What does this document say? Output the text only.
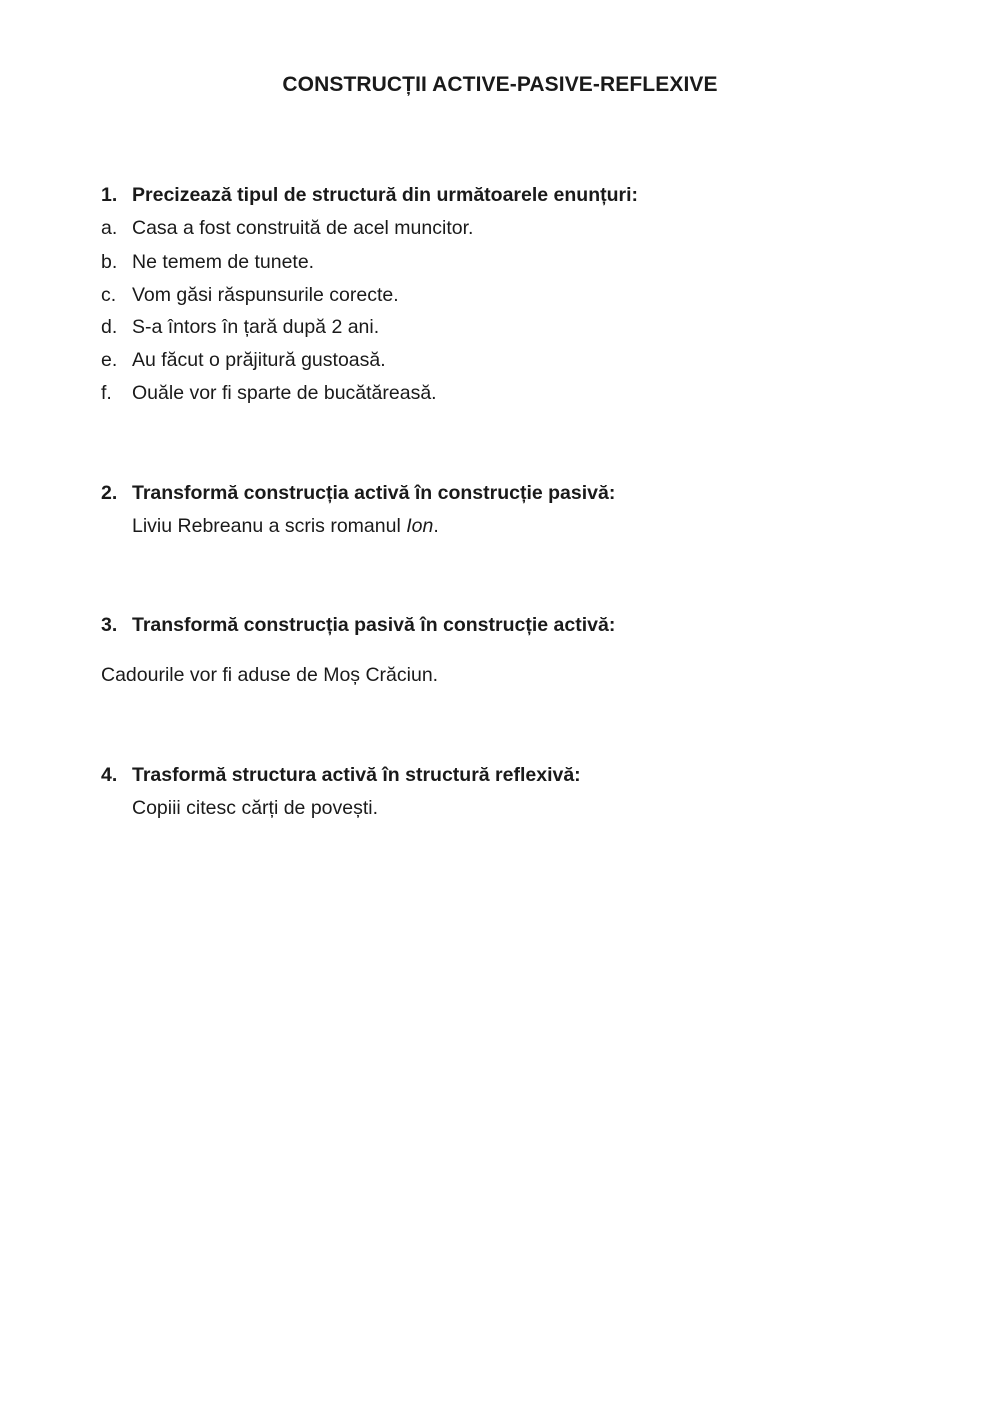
CONSTRUCȚII ACTIVE-PASIVE-REFLEXIVE
1. Precizează tipul de structură din următoarele enunțuri:
a. Casa a fost construită de acel muncitor.
b. Ne temem de tunete.
c. Vom găsi răspunsurile corecte.
d. S-a întors în țară după 2 ani.
e. Au făcut o prăjitură gustoasă.
f. Ouăle vor fi sparte de bucătăreasă.
2. Transformă construcția activă în construcție pasivă:
Liviu Rebreanu a scris romanul Ion.
3. Transformă construcția pasivă în construcție activă:
Cadourile vor fi aduse de Moș Crăciun.
4. Trasformă structura activă în structură reflexivă:
Copiii citesc cărți de povești.
